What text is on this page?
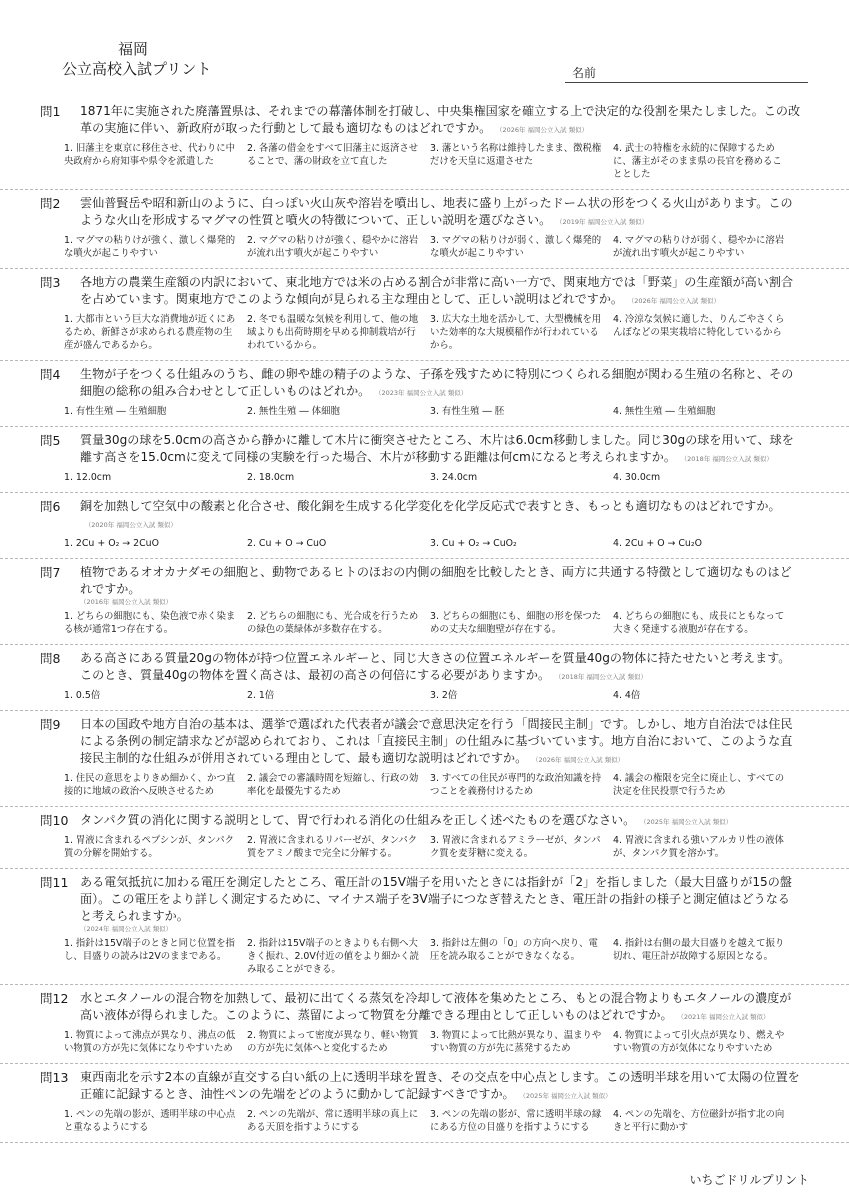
福岡
公立高校入試プリント	名前
問1	1871年に実施された廃藩置県は、それまでの幕藩体制を打破し、中央集権国家を確立する上で決定的な役割を果たしました。この改革の実施に伴い、新政府が取った行動として最も適切なものはどれですか。 （2026年 福岡公立入試 類似）
1. 旧藩主を東京に移住させ、代わりに中央政府から府知事や県令を派遣した
2. 各藩の借金をすべて旧藩主に返済させることで、藩の財政を立て直した
3. 藩という名称は維持したまま、徴税権だけを天皇に返還させた
4. 武士の特権を永続的に保障するために、藩主がそのまま県の長官を務めることとした
問2	雲仙普賢岳や昭和新山のように、白っぽい火山灰や溶岩を噴出し、地表に盛り上がったドーム状の形をつくる火山があります。このような火山を形成するマグマの性質と噴火の特徴について、正しい説明を選びなさい。 （2019年 福岡公立入試 類似）
1. マグマの粘りけが強く、激しく爆発的な噴火が起こりやすい
2. マグマの粘りけが強く、穏やかに溶岩が流れ出す噴火が起こりやすい
3. マグマの粘りけが弱く、激しく爆発的な噴火が起こりやすい
4. マグマの粘りけが弱く、穏やかに溶岩が流れ出す噴火が起こりやすい
問3	各地方の農業生産額の内訳において、東北地方では米の占める割合が非常に高い一方で、関東地方では「野菜」の生産額が高い割合を占めています。関東地方でこのような傾向が見られる主な理由として、正しい説明はどれですか。 （2026年 福岡公立入試 類似）
1. 大都市という巨大な消費地が近くにあるため、新鮮さが求められる農産物の生産が盛んであるから。
2. 冬でも温暖な気候を利用して、他の地域よりも出荷時期を早める抑制栽培が行われているから。
3. 広大な土地を活かして、大型機械を用いた効率的な大規模稲作が行われているから。
4. 冷涼な気候に適した、りんごやさくらんぼなどの果実栽培に特化しているから
問4	生物が子をつくる仕組みのうち、雌の卵や雄の精子のような、子孫を残すために特別につくられる細胞が関わる生殖の名称と、その細胞の総称の組み合わせとして正しいものはどれか。 （2023年 福岡公立入試 類似）
1. 有性生殖 ― 生殖細胞	2. 無性生殖 ― 体細胞	3. 有性生殖 ― 胚	4. 無性生殖 ― 生殖細胞
問5	質量30gの球を5.0cmの高さから静かに離して木片に衝突させたところ、木片は6.0cm移動しました。同じ30gの球を用いて、球を離す高さを15.0cmに変えて同様の実験を行った場合、木片が移動する距離は何cmになると考えられますか。 （2018年 福岡公立入試 類似）
1. 12.0cm	2. 18.0cm	3. 24.0cm	4. 30.0cm
問6	銅を加熱して空気中の酸素と化合させ、酸化銅を生成する化学変化を化学反応式で表すとき、もっとも適切なものはどれですか。（2020年 福岡公立入試 類似）
1. 2Cu + O₂ → 2CuO	2. Cu + O → CuO	3. Cu + O₂ → CuO₂	4. 2Cu + O → Cu₂O
問7	植物であるオオカナダモの細胞と、動物であるヒトのほおの内側の細胞を比較したとき、両方に共通する特徴として適切なものはどれですか。
（2016年 福岡公立入試 類似）
1. どちらの細胞にも、染色液で赤く染まる核が通常1つ存在する。
2. どちらの細胞にも、光合成を行うための緑色の葉緑体が多数存在する。
3. どちらの細胞にも、細胞の形を保つための丈夫な細胞壁が存在する。
4. どちらの細胞にも、成長にともなって大きく発達する液胞が存在する。
問8	ある高さにある質量20gの物体が持つ位置エネルギーと、同じ大きさの位置エネルギーを質量40gの物体に持たせたいと考えます。このとき、質量40gの物体を置く高さは、最初の高さの何倍にする必要がありますか。 （2018年 福岡公立入試 類似）
1. 0.5倍	2. 1倍	3. 2倍	4. 4倍
問9	日本の国政や地方自治の基本は、選挙で選ばれた代表者が議会で意思決定を行う「間接民主制」です。しかし、地方自治法では住民による条例の制定請求などが認められており、これは「直接民主制」の仕組みに基づいています。地方自治において、このような直接民主制的な仕組みが併用されている理由として、最も適切な説明はどれですか。 （2026年 福岡公立入試 類似）
1. 住民の意思をよりきめ細かく、かつ直接的に地域の政治へ反映させるため
2. 議会での審議時間を短縮し、行政の効率化を最優先するため
3. すべての住民が専門的な政治知識を持つことを義務付けるため
4. 議会の権限を完全に廃止し、すべての決定を住民投票で行うため
問10 タンパク質の消化に関する説明として、胃で行われる消化の仕組みを正しく述べたものを選びなさい。 （2025年 福岡公立入試 類似）
1. 胃液に含まれるペプシンが、タンパク質の分解を開始する。
2. 胃液に含まれるリパーゼが、タンパク質をアミノ酸まで完全に分解する。
3. 胃液に含まれるアミラーゼが、タンパク質を麦芽糖に変える。
4. 胃液に含まれる強いアルカリ性の液体が、タンパク質を溶かす。
問11 ある電気抵抗に加わる電圧を測定したところ、電圧計の15V端子を用いたときには指針が「2」を指しました（最大目盛りが15の盤面）。この電圧をより詳しく測定するために、マイナス端子を3V端子につなぎ替えたとき、電圧計の指針の様子と測定値はどうなると考えられますか。
（2024年 福岡公立入試 類似）
1. 指針は15V端子のときと同じ位置を指し、目盛りの読みは2Vのままである。
2. 指針は15V端子のときよりも右側へ大きく振れ、2.0V付近の値をより細かく読み取ることができる。
3. 指針は左側の「0」の方向へ戻り、電圧を読み取ることができなくなる。
4. 指針は右側の最大目盛りを越えて振り切れ、電圧計が故障する原因となる。
問12 水とエタノールの混合物を加熱して、最初に出てくる蒸気を冷却して液体を集めたところ、もとの混合物よりもエタノールの濃度が高い液体が得られました。このように、蒸留によって物質を分離できる理由として正しいものはどれですか。 （2021年 福岡公立入試 類似）
1. 物質によって沸点が異なり、沸点の低い物質の方が先に気体になりやすいため
2. 物質によって密度が異なり、軽い物質の方が先に気体へと変化するため
3. 物質によって比熱が異なり、温まりやすい物質の方が先に蒸発するため
4. 物質によって引火点が異なり、燃えやすい物質の方が気体になりやすいため
問13 東西南北を示す2本の直線が直交する白い紙の上に透明半球を置き、その交点を中心点とします。この透明半球を用いて太陽の位置を正確に記録するとき、油性ペンの先端をどのように動かして記録すべきですか。 （2025年 福岡公立入試 類似）
1. ペンの先端の影が、透明半球の中心点と重なるようにする
2. ペンの先端が、常に透明半球の真上にある天頂を指すようにする
3. ペンの先端の影が、常に透明半球の縁にある方位の目盛りを指すようにする
4. ペンの先端を、方位磁針が指す北の向きと平行に動かす
いちごドリルプリント
